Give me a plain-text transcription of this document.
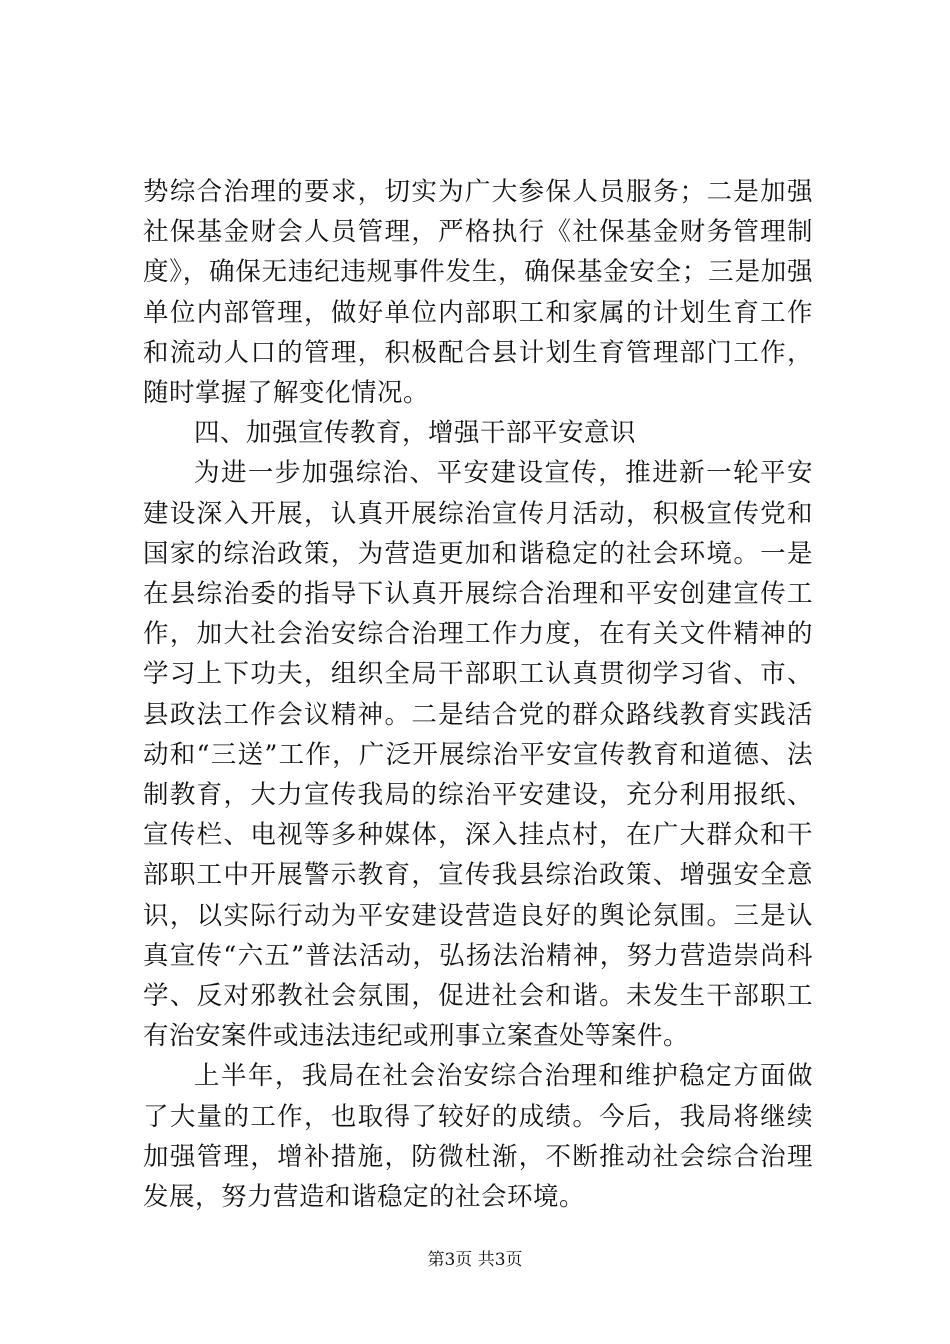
势综合治理的要求，切实为广大参保人员服务；二是加强社保基金财会人员管理，严格执行《社保基金财务管理制度》，确保无违纪违规事件发生，确保基金安全；三是加强单位内部管理，做好单位内部职工和家属的计划生育工作和流动人口的管理，积极配合县计划生育管理部门工作，随时掌握了解变化情况。

四、加强宣传教育，增强干部平安意识

为进一步加强综治、平安建设宣传，推进新一轮平安建设深入开展，认真开展综治宣传月活动，积极宣传党和国家的综治政策，为营造更加和谐稳定的社会环境。一是在县综治委的指导下认真开展综合治理和平安创建宣传工作，加大社会治安综合治理工作力度，在有关文件精神的学习上下功夫，组织全局干部职工认真贯彻学习省、市、县政法工作会议精神。二是结合党的群众路线教育实践活动和“三送”工作，广泛开展综治平安宣传教育和道德、法制教育，大力宣传我局的综治平安建设，充分利用报纸、宣传栏、电视等多种媒体，深入挂点村，在广大群众和干部职工中开展警示教育，宣传我县综治政策、增强安全意识，以实际行动为平安建设营造良好的舆论氛围。三是认真宣传“六五”普法活动，弘扬法治精神，努力营造崇尚科学、反对邪教社会氛围，促进社会和谐。未发生干部职工有治安案件或违法违纪或刑事立案查处等案件。

上半年，我局在社会治安综合治理和维护稳定方面做了大量的工作，也取得了较好的成绩。今后，我局将继续加强管理，增补措施，防微杜渐，不断推动社会综合治理发展，努力营造和谐稳定的社会环境。

第3页 共3页
